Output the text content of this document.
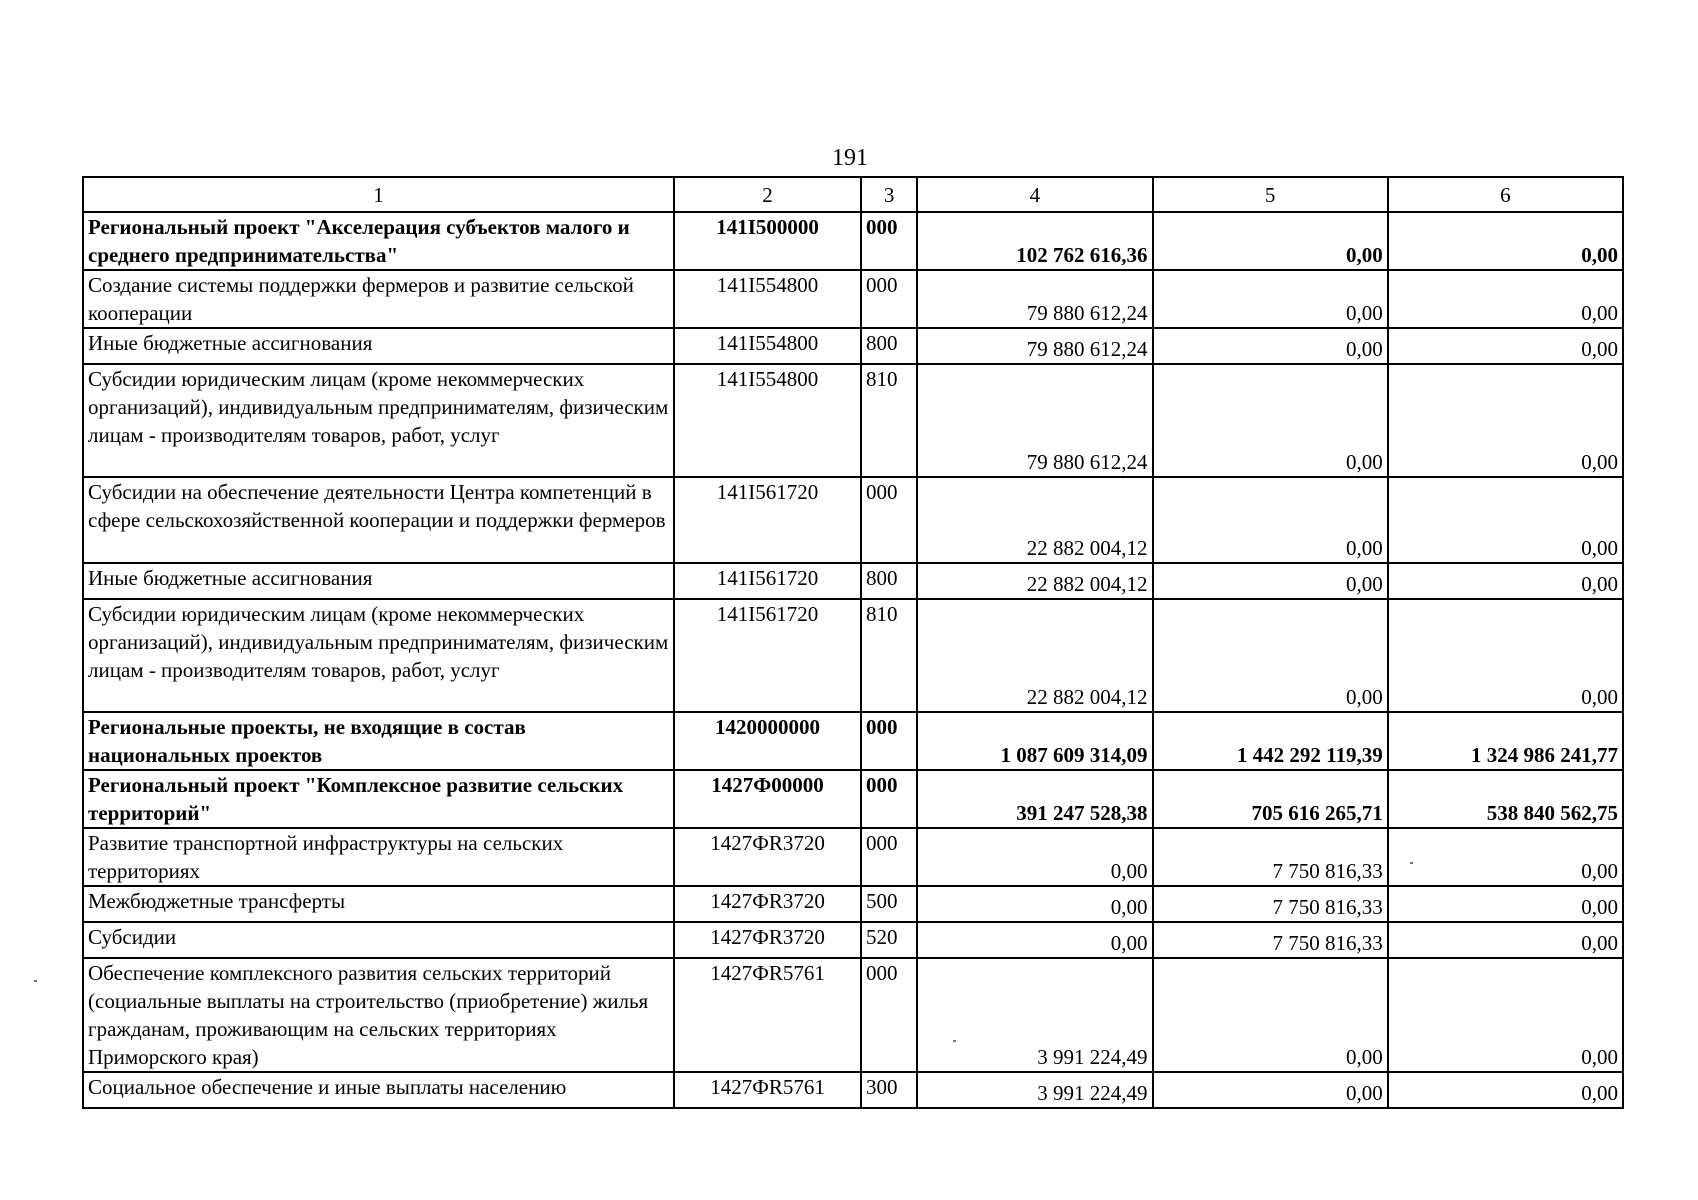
191
1	2	3	4	5	6
Региональный проект "Акселерация субъектов малого и среднего предпринимательства"	141I500000	000	102 762 616,36	0,00	0,00
Создание системы поддержки фермеров и развитие сельской кооперации	141I554800	000	79 880 612,24	0,00	0,00
Иные бюджетные ассигнования	141I554800	800	79 880 612,24	0,00	0,00
Субсидии юридическим лицам (кроме некоммерческих организаций), индивидуальным предпринимателям, физическим лицам - производителям товаров, работ, услуг	141I554800	810	79 880 612,24	0,00	0,00
Субсидии на обеспечение деятельности Центра компетенций в сфере сельскохозяйственной кооперации и поддержки фермеров	141I561720	000	22 882 004,12	0,00	0,00
Иные бюджетные ассигнования	141I561720	800	22 882 004,12	0,00	0,00
Субсидии юридическим лицам (кроме некоммерческих организаций), индивидуальным предпринимателям, физическим лицам - производителям товаров, работ, услуг	141I561720	810	22 882 004,12	0,00	0,00
Региональные проекты, не входящие в состав национальных проектов	1420000000	000	1 087 609 314,09	1 442 292 119,39	1 324 986 241,77
Региональный проект "Комплексное развитие сельских территорий"	1427Ф00000	000	391 247 528,38	705 616 265,71	538 840 562,75
Развитие транспортной инфраструктуры на сельских территориях	1427ФR3720	000	0,00	7 750 816,33	0,00
Межбюджетные трансферты	1427ФR3720	500	0,00	7 750 816,33	0,00
Субсидии	1427ФR3720	520	0,00	7 750 816,33	0,00
Обеспечение комплексного развития сельских территорий (социальные выплаты на строительство (приобретение) жилья гражданам, проживающим на сельских территориях Приморского края)	1427ФR5761	000	3 991 224,49	0,00	0,00
Социальное обеспечение и иные выплаты населению	1427ФR5761	300	3 991 224,49	0,00	0,00
